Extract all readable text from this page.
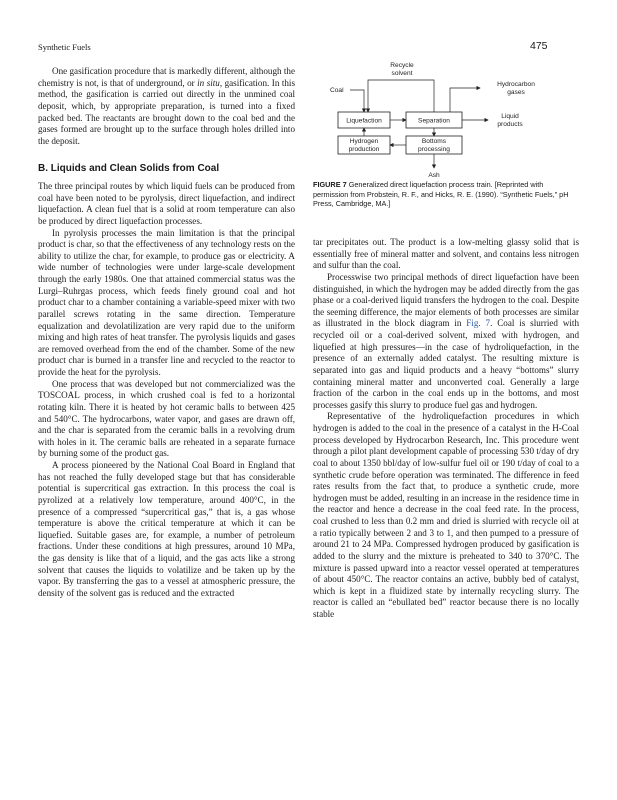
Synthetic Fuels	475
Recycle
solvent
Coal
Hydrocarbon
gases
Liquefaction	Separation
Liquid
products
Hydrogen
production
Bottoms
processing
Ash
FIGURE 7 Generalized direct liquefaction process train. [Reprinted with permission from Probstein, R. F., and Hicks, R. E. (1990). “Synthetic Fuels,” pH Press, Cambridge, MA.]

One gasification procedure that is markedly different, although the chemistry is not, is that of underground, or in situ, gasification. In this method, the gasification is carried out directly in the unmined coal deposit, which, by appropriate preparation, is turned into a fixed packed bed. The reactants are brought down to the coal bed and the gases formed are brought up to the surface through holes drilled into the deposit.

B. Liquids and Clean Solids from Coal

The three principal routes by which liquid fuels can be produced from coal have been noted to be pyrolysis, direct liquefaction, and indirect liquefaction. A clean fuel that is a solid at room temperature can also be produced by direct liquefaction processes.

In pyrolysis processes the main limitation is that the principal product is char, so that the effectiveness of any technology rests on the ability to utilize the char, for example, to produce gas or electricity. A wide number of technologies were under large-scale development through the early 1980s. One that attained commercial status was the Lurgi–Ruhrgas process, which feeds finely ground coal and hot product char to a chamber containing a variable-speed mixer with two parallel screws rotating in the same direction. Temperature equalization and devolatilization are very rapid due to the uniform mixing and high rates of heat transfer. The pyrolysis liquids and gases are removed overhead from the end of the chamber. Some of the new product char is burned in a transfer line and recycled to the reactor to provide the heat for the pyrolysis.

One process that was developed but not commercialized was the TOSCOAL process, in which crushed coal is fed to a horizontal rotating kiln. There it is heated by hot ceramic balls to between 425 and 540°C. The hydrocarbons, water vapor, and gases are drawn off, and the char is separated from the ceramic balls in a revolving drum with holes in it. The ceramic balls are reheated in a separate furnace by burning some of the product gas.

A process pioneered by the National Coal Board in England that has not reached the fully developed stage but that has considerable potential is supercritical gas extraction. In this process the coal is pyrolized at a relatively low temperature, around 400°C, in the presence of a compressed “supercritical gas,” that is, a gas whose temperature is above the critical temperature at which it can be liquefied. Suitable gases are, for example, a number of petroleum fractions. Under these conditions at high pressures, around 10 MPa, the gas density is like that of a liquid, and the gas acts like a strong solvent that causes the liquids to volatilize and be taken up by the vapor. By transferring the gas to a vessel at atmospheric pressure, the density of the solvent gas is reduced and the extracted

tar precipitates out. The product is a low-melting glassy solid that is essentially free of mineral matter and solvent, and contains less nitrogen and sulfur than the coal.

Processwise two principal methods of direct liquefaction have been distinguished, in which the hydrogen may be added directly from the gas phase or a coal-derived liquid transfers the hydrogen to the coal. Despite the seeming difference, the major elements of both processes are similar as illustrated in the block diagram in Fig. 7. Coal is slurried with recycled oil or a coal-derived solvent, mixed with hydrogen, and liquefied at high pressures—in the case of hydroliquefaction, in the presence of an externally added catalyst. The resulting mixture is separated into gas and liquid products and a heavy “bottoms” slurry containing mineral matter and unconverted coal. Generally a large fraction of the carbon in the coal ends up in the bottoms, and most processes gasify this slurry to produce fuel gas and hydrogen.

Representative of the hydroliquefaction procedures in which hydrogen is added to the coal in the presence of a catalyst in the H-Coal process developed by Hydrocarbon Research, Inc. This procedure went through a pilot plant development capable of processing 530 t/day of dry coal to about 1350 bbl/day of low-sulfur fuel oil or 190 t/day of coal to a synthetic crude before operation was terminated. The difference in feed rates results from the fact that, to produce a synthetic crude, more hydrogen must be added, resulting in an increase in the residence time in the reactor and hence a decrease in the coal feed rate. In the process, coal crushed to less than 0.2 mm and dried is slurried with recycle oil at a ratio typically between 2 and 3 to 1, and then pumped to a pressure of around 21 to 24 MPa. Compressed hydrogen produced by gasification is added to the slurry and the mixture is preheated to 340 to 370°C. The mixture is passed upward into a reactor vessel operated at temperatures of about 450°C. The reactor contains an active, bubbly bed of catalyst, which is kept in a fluidized state by internally recycling slurry. The reactor is called an “ebullated bed” reactor because there is no locally stable
